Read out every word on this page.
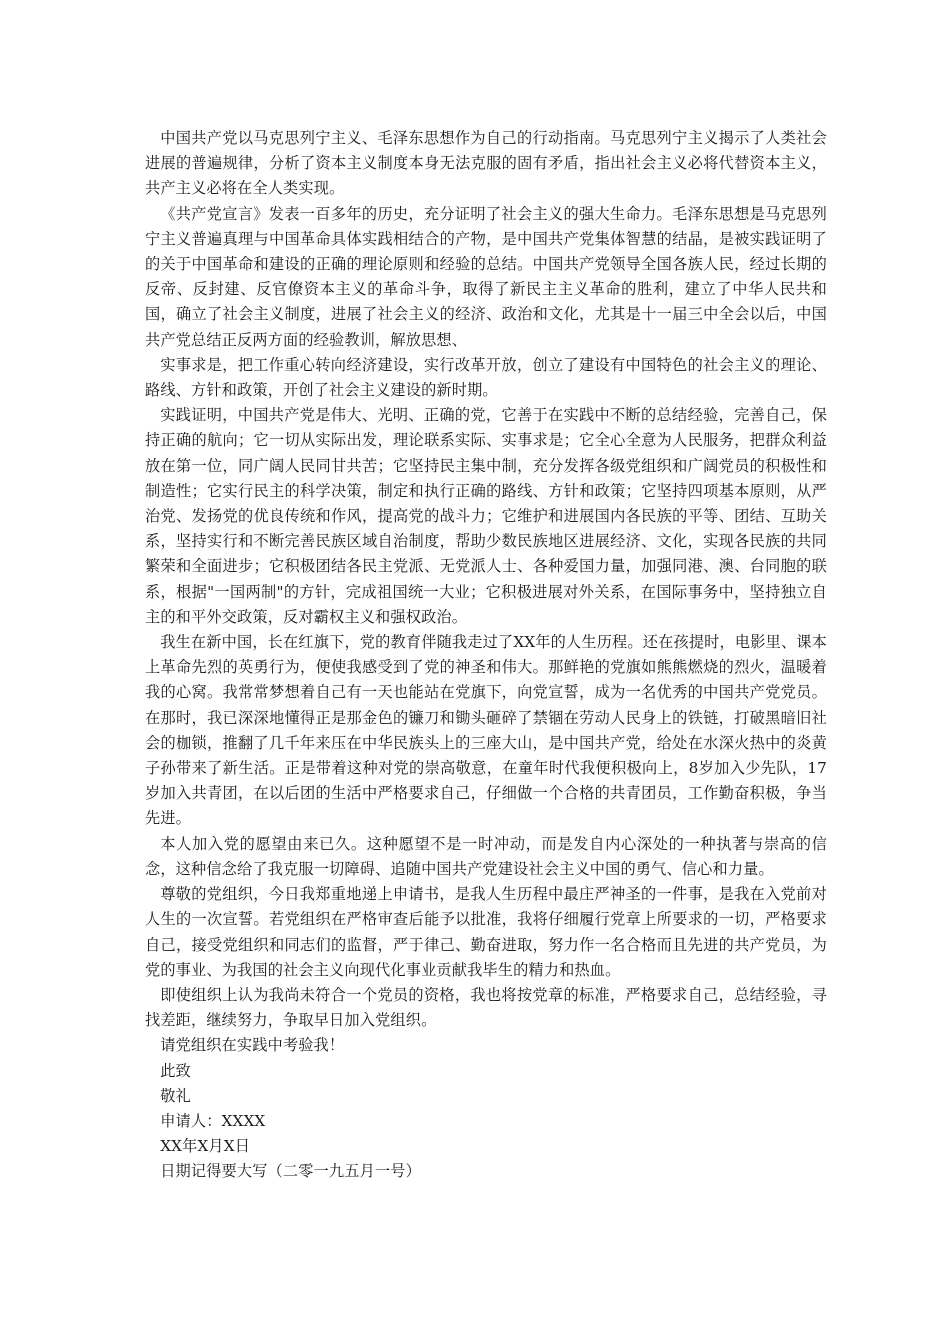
中国共产党以马克思列宁主义、毛泽东思想作为自己的行动指南。马克思列宁主义揭示了人类社会进展的普遍规律，分析了资本主义制度本身无法克服的固有矛盾，指出社会主义必将代替资本主义，共产主义必将在全人类实现。

《共产党宣言》发表一百多年的历史，充分证明了社会主义的强大生命力。毛泽东思想是马克思列宁主义普遍真理与中国革命具体实践相结合的产物，是中国共产党集体智慧的结晶，是被实践证明了的关于中国革命和建设的正确的理论原则和经验的总结。中国共产党领导全国各族人民，经过长期的反帝、反封建、反官僚资本主义的革命斗争，取得了新民主主义革命的胜利，建立了中华人民共和国，确立了社会主义制度，进展了社会主义的经济、政治和文化，尤其是十一届三中全会以后，中国共产党总结正反两方面的经验教训，解放思想、

实事求是，把工作重心转向经济建设，实行改革开放，创立了建设有中国特色的社会主义的理论、路线、方针和政策，开创了社会主义建设的新时期。

实践证明，中国共产党是伟大、光明、正确的党，它善于在实践中不断的总结经验，完善自己，保持正确的航向；它一切从实际出发，理论联系实际、实事求是；它全心全意为人民服务，把群众利益放在第一位，同广阔人民同甘共苦；它坚持民主集中制，充分发挥各级党组织和广阔党员的积极性和制造性；它实行民主的科学决策，制定和执行正确的路线、方针和政策；它坚持四项基本原则，从严治党、发扬党的优良传统和作风，提高党的战斗力；它维护和进展国内各民族的平等、团结、互助关系，坚持实行和不断完善民族区域自治制度，帮助少数民族地区进展经济、文化，实现各民族的共同繁荣和全面进步；它积极团结各民主党派、无党派人士、各种爱国力量，加强同港、澳、台同胞的联系，根据"一国两制"的方针，完成祖国统一大业；它积极进展对外关系，在国际事务中，坚持独立自主的和平外交政策，反对霸权主义和强权政治。

我生在新中国，长在红旗下，党的教育伴随我走过了XX年的人生历程。还在孩提时，电影里、课本上革命先烈的英勇行为，便使我感受到了党的神圣和伟大。那鲜艳的党旗如熊熊燃烧的烈火，温暖着我的心窝。我常常梦想着自己有一天也能站在党旗下，向党宣誓，成为一名优秀的中国共产党党员。在那时，我已深深地懂得正是那金色的镰刀和锄头砸碎了禁锢在劳动人民身上的铁链，打破黑暗旧社会的枷锁，推翻了几千年来压在中华民族头上的三座大山，是中国共产党，给处在水深火热中的炎黄子孙带来了新生活。正是带着这种对党的崇高敬意，在童年时代我便积极向上，8岁加入少先队，17岁加入共青团，在以后团的生活中严格要求自己，仔细做一个合格的共青团员，工作勤奋积极，争当先进。

本人加入党的愿望由来已久。这种愿望不是一时冲动，而是发自内心深处的一种执著与崇高的信念，这种信念给了我克服一切障碍、追随中国共产党建设社会主义中国的勇气、信心和力量。

尊敬的党组织，今日我郑重地递上申请书，是我人生历程中最庄严神圣的一件事，是我在入党前对人生的一次宣誓。若党组织在严格审查后能予以批准，我将仔细履行党章上所要求的一切，严格要求自己，接受党组织和同志们的监督，严于律己、勤奋进取，努力作一名合格而且先进的共产党员，为党的事业、为我国的社会主义向现代化事业贡献我毕生的精力和热血。

即使组织上认为我尚未符合一个党员的资格，我也将按党章的标准，严格要求自己，总结经验，寻找差距，继续努力，争取早日加入党组织。

请党组织在实践中考验我！

此致

敬礼

申请人：XXXX

XX年X月X日

日期记得要大写（二零一九五月一号）
